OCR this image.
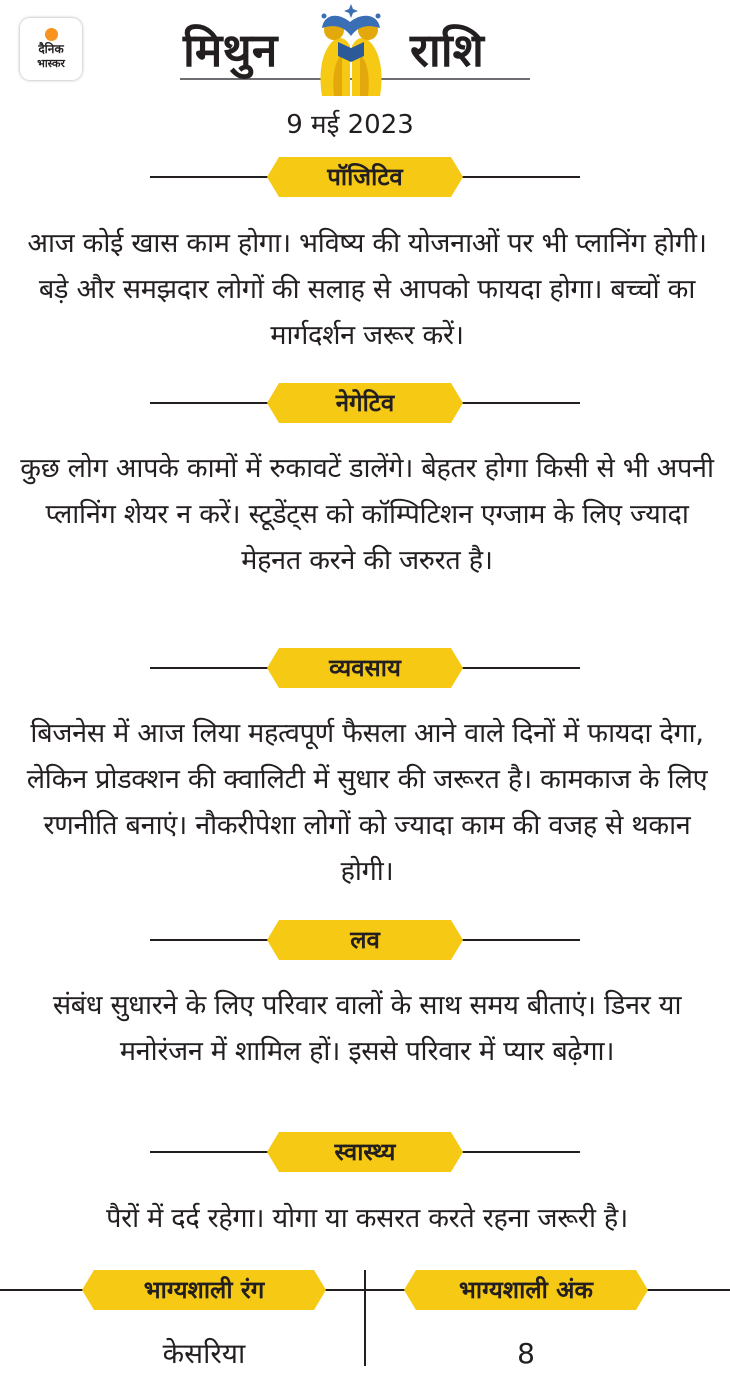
दैनिक
भास्कर	मिथुन	राशि
9 मई 2023
पॉजिटिव
आज कोई खास काम होगा। भविष्य की योजनाओं पर भी प्लानिंग होगी। बड़े और समझदार लोगों की सलाह से आपको फायदा होगा। बच्चों का मार्गदर्शन जरूर करें।
नेगेटिव
कुछ लोग आपके कामों में रुकावटें डालेंगे। बेहतर होगा किसी से भी अपनी प्लानिंग शेयर न करें। स्टूडेंट्स को कॉम्पिटिशन एग्जाम के लिए ज्यादा मेहनत करने की जरुरत है।
व्यवसाय
बिजनेस में आज लिया महत्वपूर्ण फैसला आने वाले दिनों में फायदा देगा, लेकिन प्रोडक्शन की क्वालिटी में सुधार की जरूरत है। कामकाज के लिए रणनीति बनाएं। नौकरीपेशा लोगों को ज्यादा काम की वजह से थकान होगी।
लव
संबंध सुधारने के लिए परिवार वालों के साथ समय बीताएं। डिनर या मनोरंजन में शामिल हों। इससे परिवार में प्यार बढ़ेगा।
स्वास्थ्य
पैरों में दर्द रहेगा। योगा या कसरत करते रहना जरूरी है।
भाग्यशाली रंग	भाग्यशाली अंक
केसरिया	8
